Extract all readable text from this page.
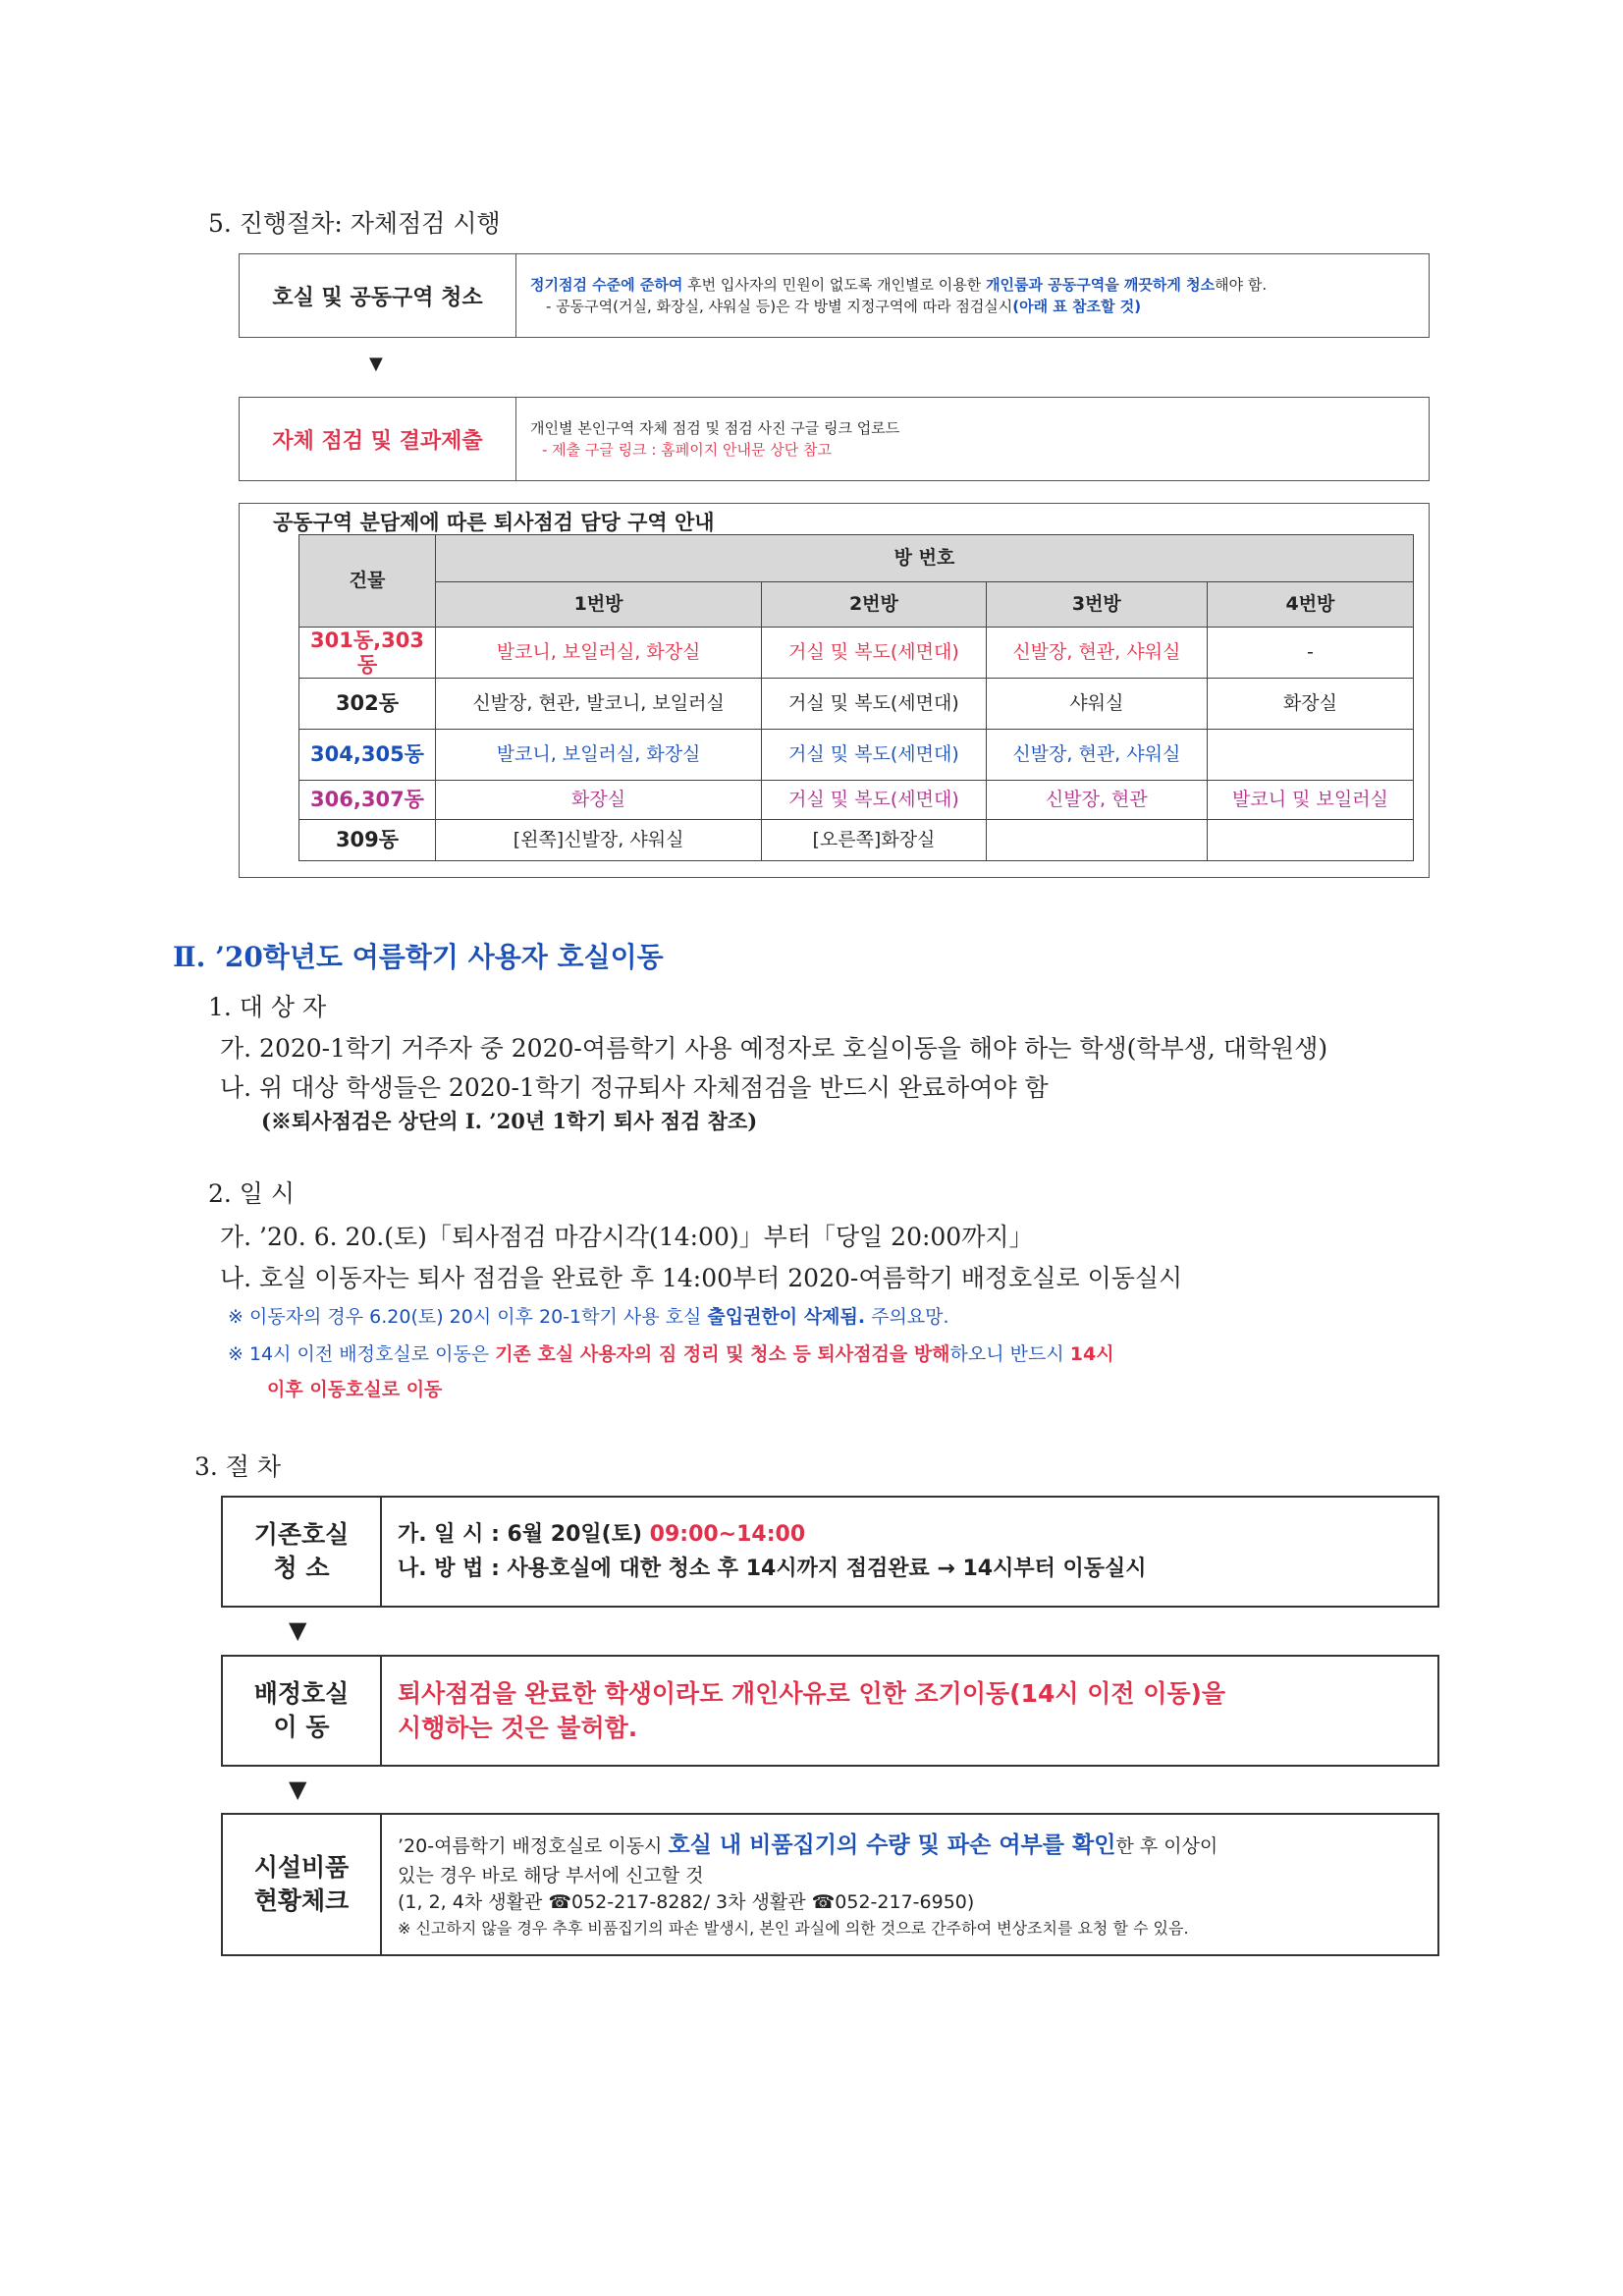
5. 진행절차: 자체점검 시행
호실 및 공동구역 청소
정기점검 수준에 준하여 후번 입사자의 민원이 없도록 개인별로 이용한 개인룸과 공동구역을 깨끗하게 청소해야 함.
- 공동구역(거실, 화장실, 샤워실 등)은 각 방별 지정구역에 따라 점검실시(아래 표 참조할 것)
▼
자체 점검 및 결과제출
개인별 본인구역 자체 점검 및 점검 사진 구글 링크 업로드
- 제출 구글 링크 : 홈페이지 안내문 상단 참고
공동구역 분담제에 따른 퇴사점검 담당 구역 안내
건물	방 번호			
	1번방	2번방	3번방	4번방
301동,303동	발코니, 보일러실, 화장실	거실 및 복도(세면대)	신발장, 현관, 샤워실	-
302동	신발장, 현관, 발코니, 보일러실	거실 및 복도(세면대)	샤워실	화장실
304,305동	발코니, 보일러실, 화장실	거실 및 복도(세면대)	신발장, 현관, 샤워실	
306,307동	화장실	거실 및 복도(세면대)	신발장, 현관	발코니 및 보일러실
309동	[왼쪽]신발장, 샤워실	[오른쪽]화장실		
Ⅱ. ’20학년도 여름학기 사용자 호실이동
1. 대 상 자
가. 2020-1학기 거주자 중 2020-여름학기 사용 예정자로 호실이동을 해야 하는 학생(학부생, 대학원생)
나. 위 대상 학생들은 2020-1학기 정규퇴사 자체점검을 반드시 완료하여야 함
(※퇴사점검은 상단의 Ⅰ. ’20년 1학기 퇴사 점검 참조)
2. 일 시
가. ’20. 6. 20.(토)「퇴사점검 마감시각(14:00)」부터「당일 20:00까지」
나. 호실 이동자는 퇴사 점검을 완료한 후 14:00부터 2020-여름학기 배정호실로 이동실시
※ 이동자의 경우 6.20(토) 20시 이후 20-1학기 사용 호실 출입권한이 삭제됨. 주의요망.
※ 14시 이전 배정호실로 이동은 기존 호실 사용자의 짐 정리 및 청소 등 퇴사점검을 방해하오니 반드시 14시
이후 이동호실로 이동
3. 절 차
기존호실
청 소
가. 일 시 : 6월 20일(토) 09:00~14:00
나. 방 법 : 사용호실에 대한 청소 후 14시까지 점검완료 → 14시부터 이동실시
▼
배정호실
이 동
퇴사점검을 완료한 학생이라도 개인사유로 인한 조기이동(14시 이전 이동)을
시행하는 것은 불허함.
▼
시설비품
현황체크
’20-여름학기 배정호실로 이동시 호실 내 비품집기의 수량 및 파손 여부를 확인한 후 이상이
있는 경우 바로 해당 부서에 신고할 것
(1, 2, 4차 생활관 ☎052-217-8282/ 3차 생활관 ☎052-217-6950)
※ 신고하지 않을 경우 추후 비품집기의 파손 발생시, 본인 과실에 의한 것으로 간주하여 변상조치를 요청 할 수 있음.
